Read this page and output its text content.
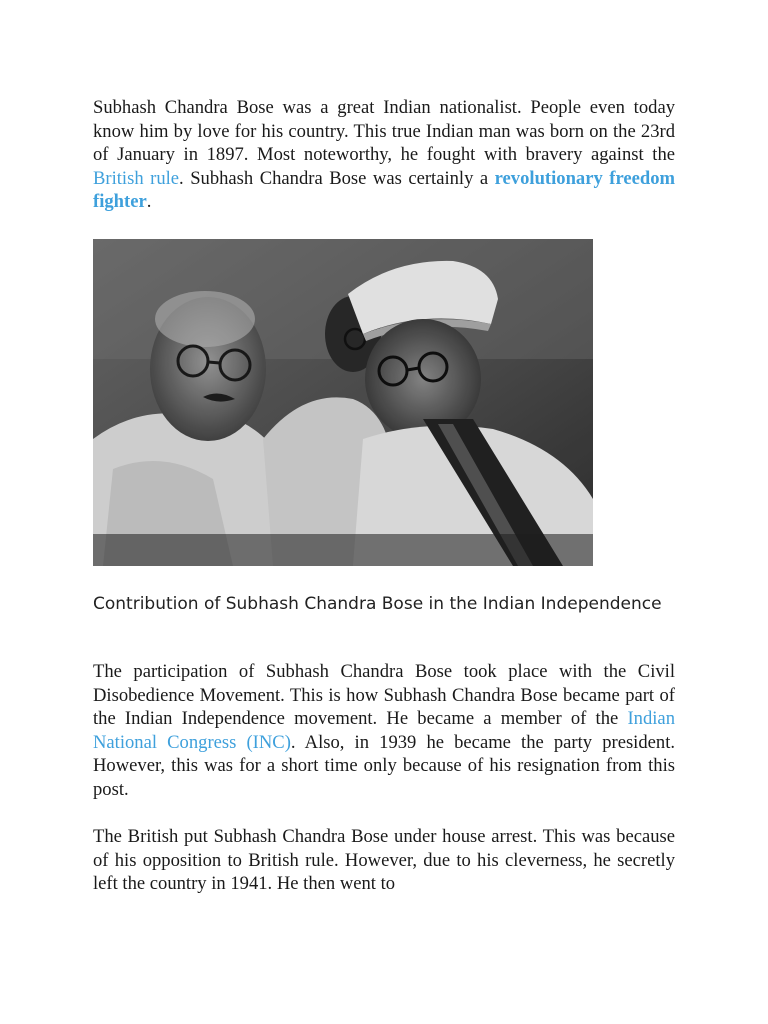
Subhash Chandra Bose was a great Indian nationalist. People even today know him by love for his country. This true Indian man was born on the 23rd of January in 1897. Most noteworthy, he fought with bravery against the British rule. Subhash Chandra Bose was certainly a revolutionary freedom fighter.

Contribution of Subhash Chandra Bose in the Indian Independence

The participation of Subhash Chandra Bose took place with the Civil Disobedience Movement. This is how Subhash Chandra Bose became part of the Indian Independence movement. He became a member of the Indian National Congress (INC). Also, in 1939 he became the party president. However, this was for a short time only because of his resignation from this post.

The British put Subhash Chandra Bose under house arrest. This was because of his opposition to British rule. However, due to his cleverness, he secretly left the country in 1941. He then went to
